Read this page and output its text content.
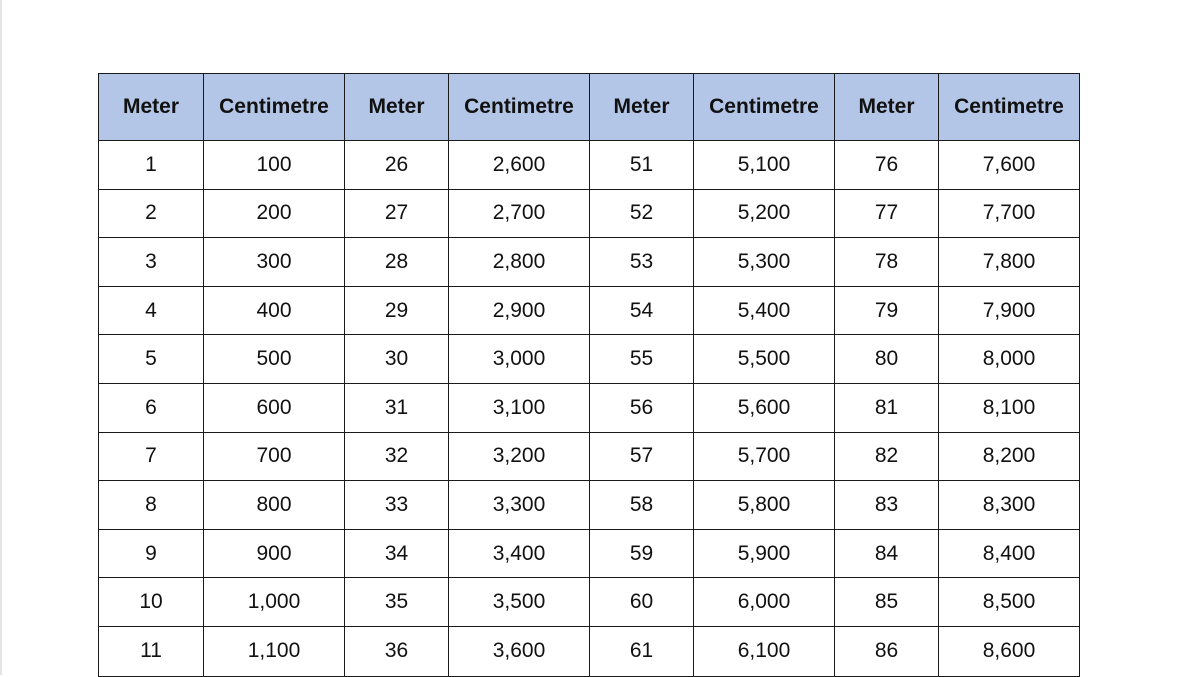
Meter	Centimetre	Meter	Centimetre	Meter	Centimetre	Meter	Centimetre
1	100	26	2,600	51	5,100	76	7,600
2	200	27	2,700	52	5,200	77	7,700
3	300	28	2,800	53	5,300	78	7,800
4	400	29	2,900	54	5,400	79	7,900
5	500	30	3,000	55	5,500	80	8,000
6	600	31	3,100	56	5,600	81	8,100
7	700	32	3,200	57	5,700	82	8,200
8	800	33	3,300	58	5,800	83	8,300
9	900	34	3,400	59	5,900	84	8,400
10	1,000	35	3,500	60	6,000	85	8,500
11	1,100	36	3,600	61	6,100	86	8,600
